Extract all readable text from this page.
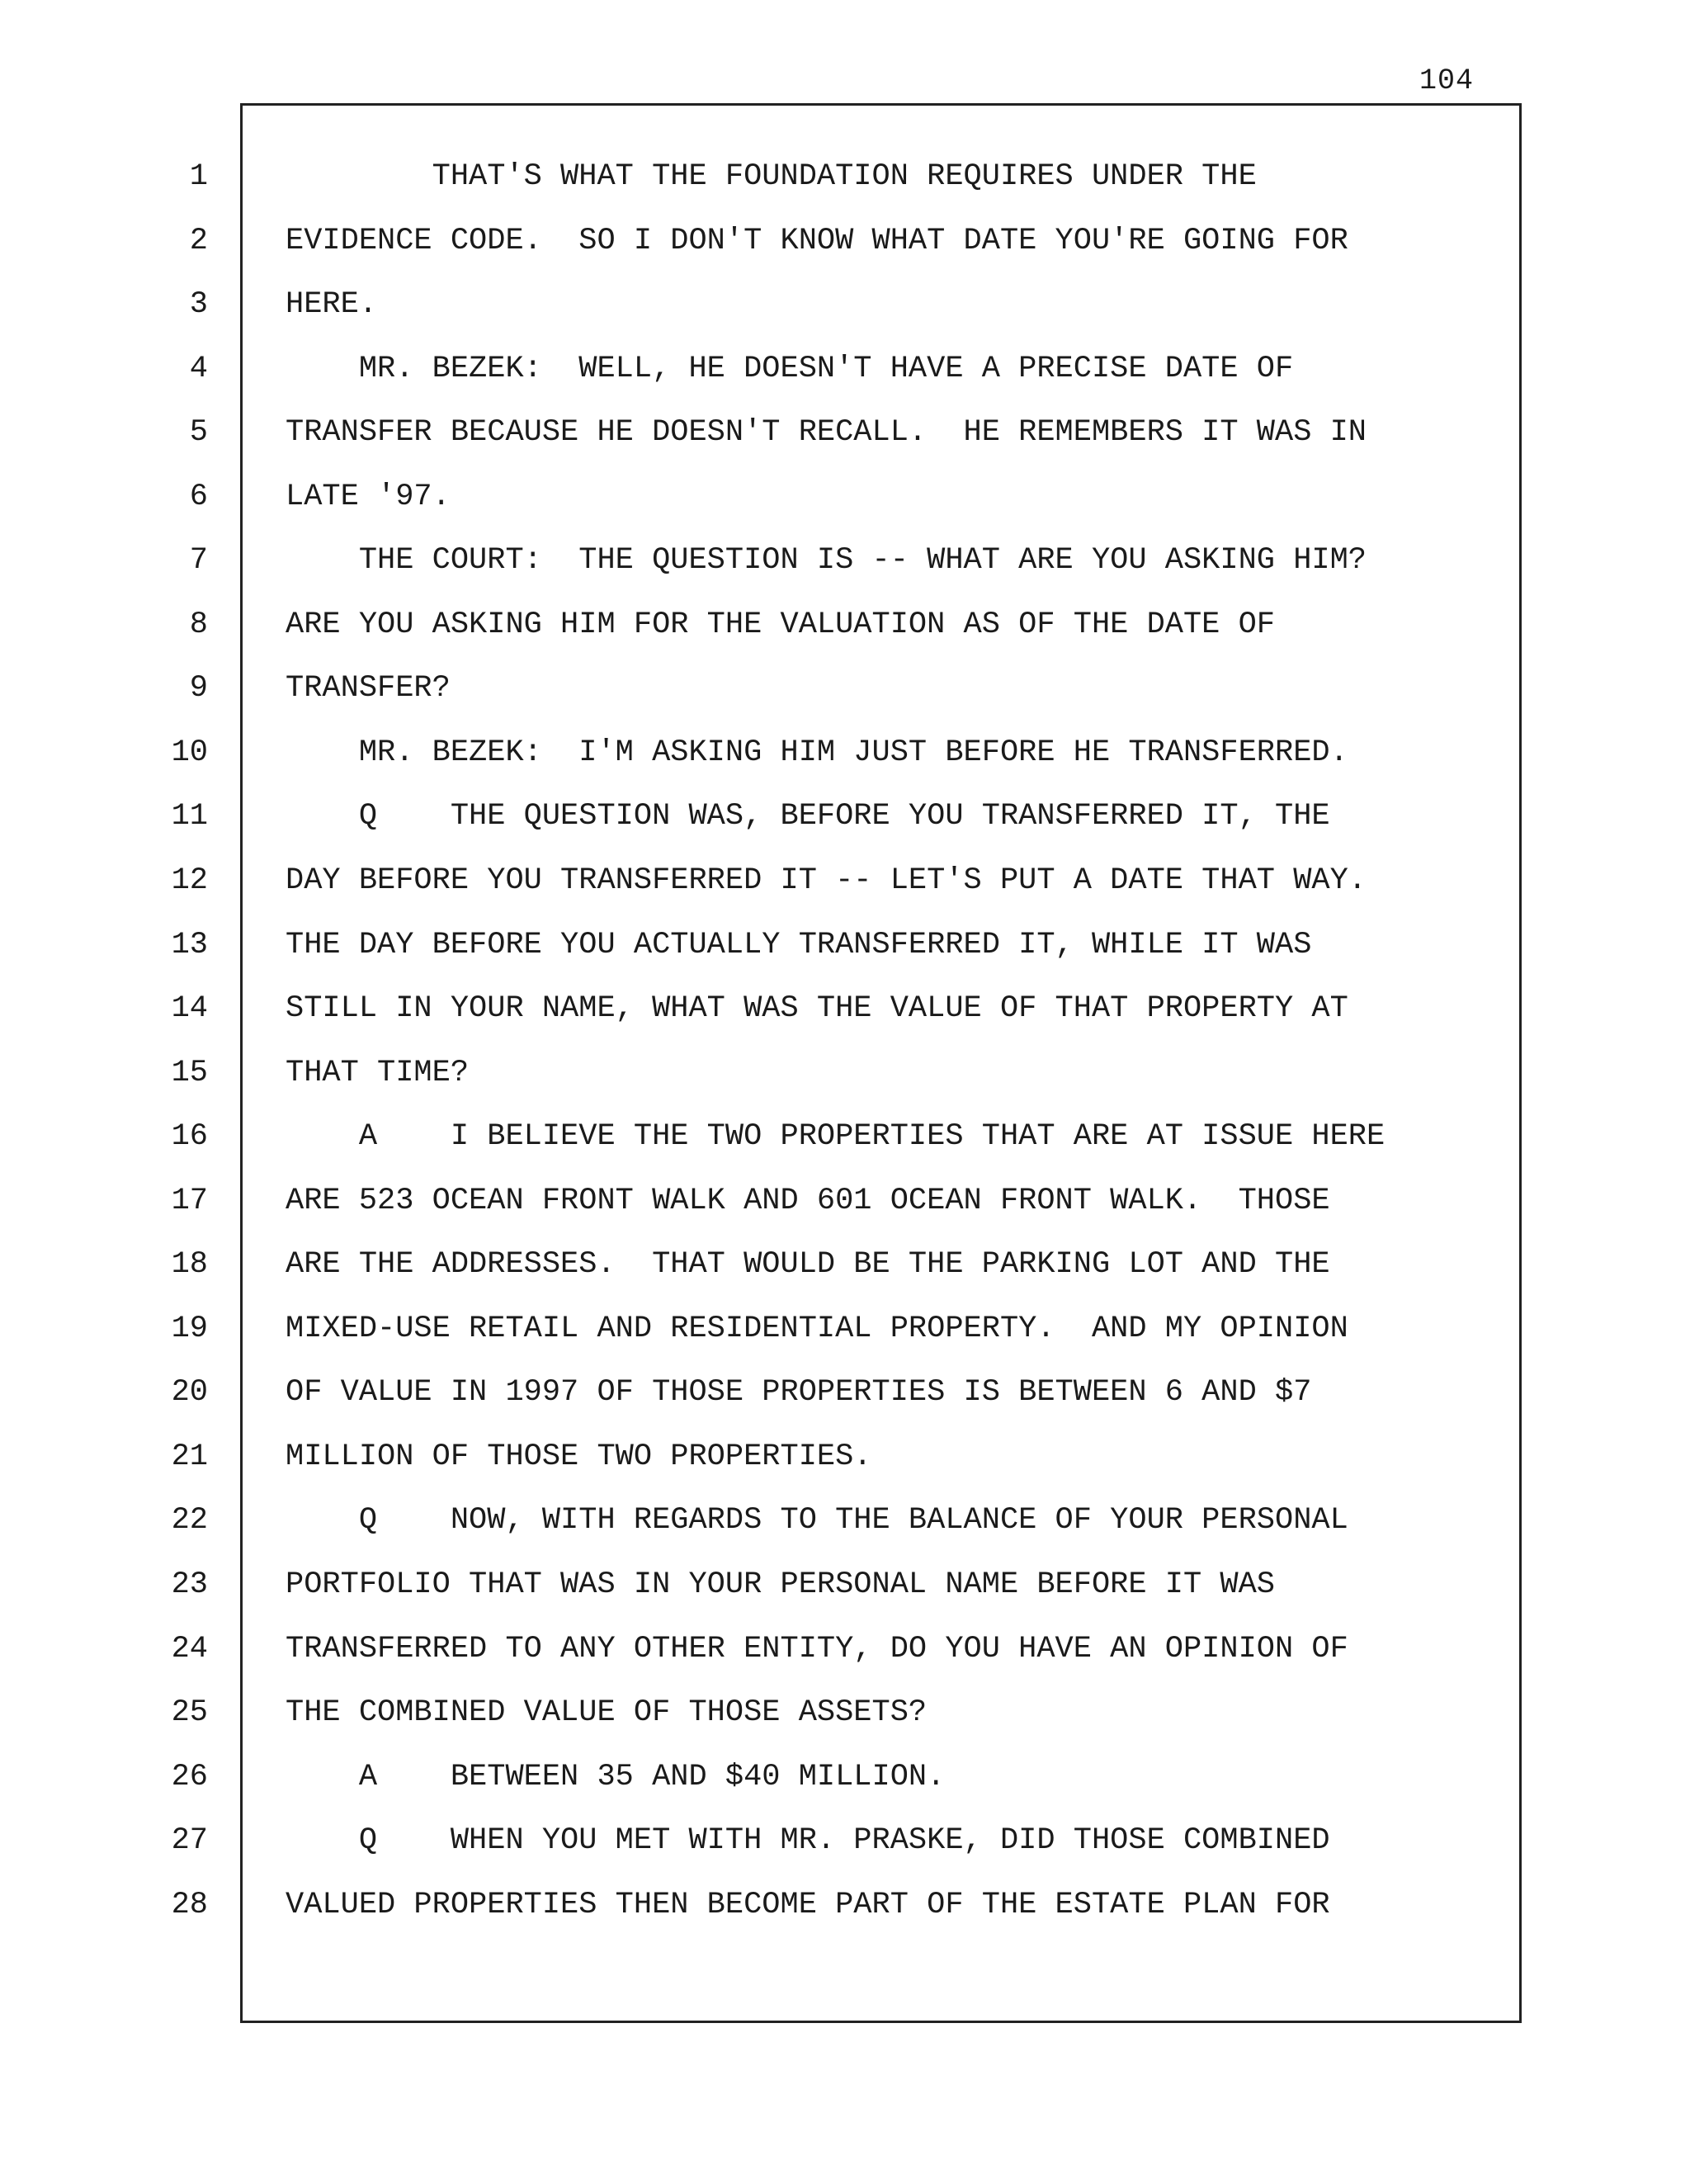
104
1
2
3
4
5
6
7
8
9
10
11
12
13
14
15
16
17
18
19
20
21
22
23
24
25
26
27
28
THAT'S WHAT THE FOUNDATION REQUIRES UNDER THE
EVIDENCE CODE.  SO I DON'T KNOW WHAT DATE YOU'RE GOING FOR
HERE.
MR. BEZEK:  WELL, HE DOESN'T HAVE A PRECISE DATE OF
TRANSFER BECAUSE HE DOESN'T RECALL.  HE REMEMBERS IT WAS IN
LATE '97.
THE COURT:  THE QUESTION IS -- WHAT ARE YOU ASKING HIM?
ARE YOU ASKING HIM FOR THE VALUATION AS OF THE DATE OF
TRANSFER?
MR. BEZEK:  I'M ASKING HIM JUST BEFORE HE TRANSFERRED.
Q    THE QUESTION WAS, BEFORE YOU TRANSFERRED IT, THE
DAY BEFORE YOU TRANSFERRED IT -- LET'S PUT A DATE THAT WAY.
THE DAY BEFORE YOU ACTUALLY TRANSFERRED IT, WHILE IT WAS
STILL IN YOUR NAME, WHAT WAS THE VALUE OF THAT PROPERTY AT
THAT TIME?
A    I BELIEVE THE TWO PROPERTIES THAT ARE AT ISSUE HERE
ARE 523 OCEAN FRONT WALK AND 601 OCEAN FRONT WALK.  THOSE
ARE THE ADDRESSES.  THAT WOULD BE THE PARKING LOT AND THE
MIXED-USE RETAIL AND RESIDENTIAL PROPERTY.  AND MY OPINION
OF VALUE IN 1997 OF THOSE PROPERTIES IS BETWEEN 6 AND $7
MILLION OF THOSE TWO PROPERTIES.
Q    NOW, WITH REGARDS TO THE BALANCE OF YOUR PERSONAL
PORTFOLIO THAT WAS IN YOUR PERSONAL NAME BEFORE IT WAS
TRANSFERRED TO ANY OTHER ENTITY, DO YOU HAVE AN OPINION OF
THE COMBINED VALUE OF THOSE ASSETS?
A    BETWEEN 35 AND $40 MILLION.
Q    WHEN YOU MET WITH MR. PRASKE, DID THOSE COMBINED
VALUED PROPERTIES THEN BECOME PART OF THE ESTATE PLAN FOR
